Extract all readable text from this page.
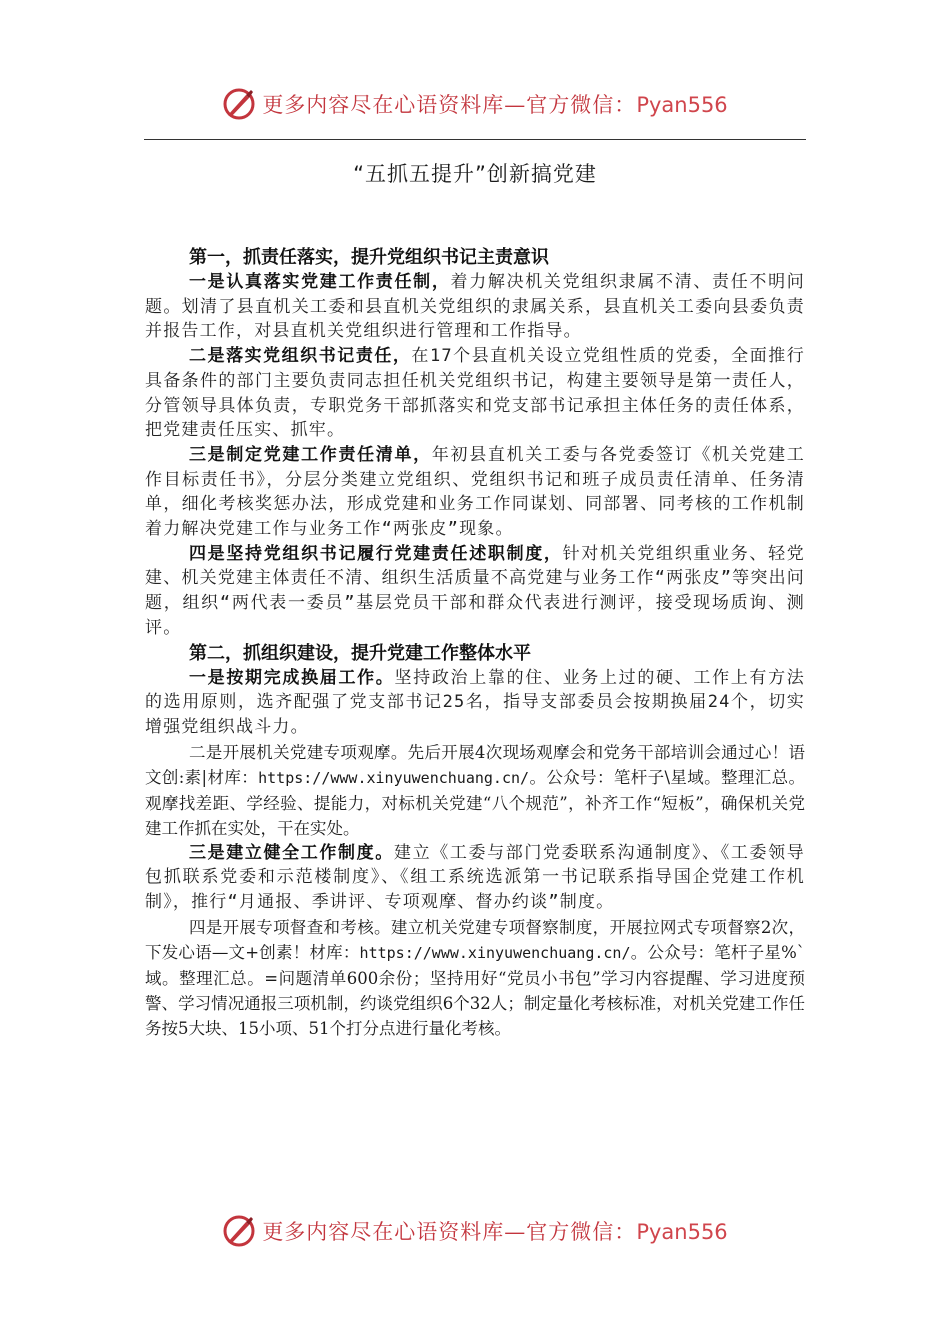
更多内容尽在心语资料库—官方微信：Pyan556
“五抓五提升”创新搞党建
第一，抓责任落实，提升党组织书记主责意识
一是认真落实党建工作责任制，着力解决机关党组织隶属不清、责任不明问题。划清了县直机关工委和县直机关党组织的隶属关系，县直机关工委向县委负责并报告工作，对县直机关党组织进行管理和工作指导。
二是落实党组织书记责任，在17个县直机关设立党组性质的党委，全面推行具备条件的部门主要负责同志担任机关党组织书记，构建主要领导是第一责任人，分管领导具体负责，专职党务干部抓落实和党支部书记承担主体任务的责任体系，把党建责任压实、抓牢。
三是制定党建工作责任清单，年初县直机关工委与各党委签订《机关党建工作目标责任书》，分层分类建立党组织、党组织书记和班子成员责任清单、任务清单，细化考核奖惩办法，形成党建和业务工作同谋划、同部署、同考核的工作机制着力解决党建工作与业务工作“两张皮”现象。
四是坚持党组织书记履行党建责任述职制度，针对机关党组织重业务、轻党建、机关党建主体责任不清、组织生活质量不高党建与业务工作“两张皮”等突出问题，组织“两代表一委员”基层党员干部和群众代表进行测评，接受现场质询、测评。
第二，抓组织建设，提升党建工作整体水平
一是按期完成换届工作。坚持政治上靠的住、业务上过的硬、工作上有方法的选用原则，选齐配强了党支部书记25名，指导支部委员会按期换届24个，切实增强党组织战斗力。
二是开展机关党建专项观摩。先后开展4次现场观摩会和党务干部培训会通过心！语文创:素|材库：https://www.xinyuwenchuang.cn/。公众号：笔杆子\星域。整理汇总。观摩找差距、学经验、提能力，对标机关党建“八个规范”，补齐工作“短板”，确保机关党建工作抓在实处，干在实处。
三是建立健全工作制度。建立《工委与部门党委联系沟通制度》、《工委领导包抓联系党委和示范楼制度》、《组工系统选派第一书记联系指导国企党建工作机制》，推行“月通报、季讲评、专项观摩、督办约谈”制度。
四是开展专项督查和考核。建立机关党建专项督察制度，开展拉网式专项督察2次，下发心语—文+创素！材库：https://www.xinyuwenchuang.cn/。公众号：笔杆子星%`域。整理汇总。=问题清单600余份；坚持用好“党员小书包”学习内容提醒、学习进度预警、学习情况通报三项机制，约谈党组织6个32人；制定量化考核标准，对机关党建工作任务按5大块、15小项、51个打分点进行量化考核。
更多内容尽在心语资料库—官方微信：Pyan556
